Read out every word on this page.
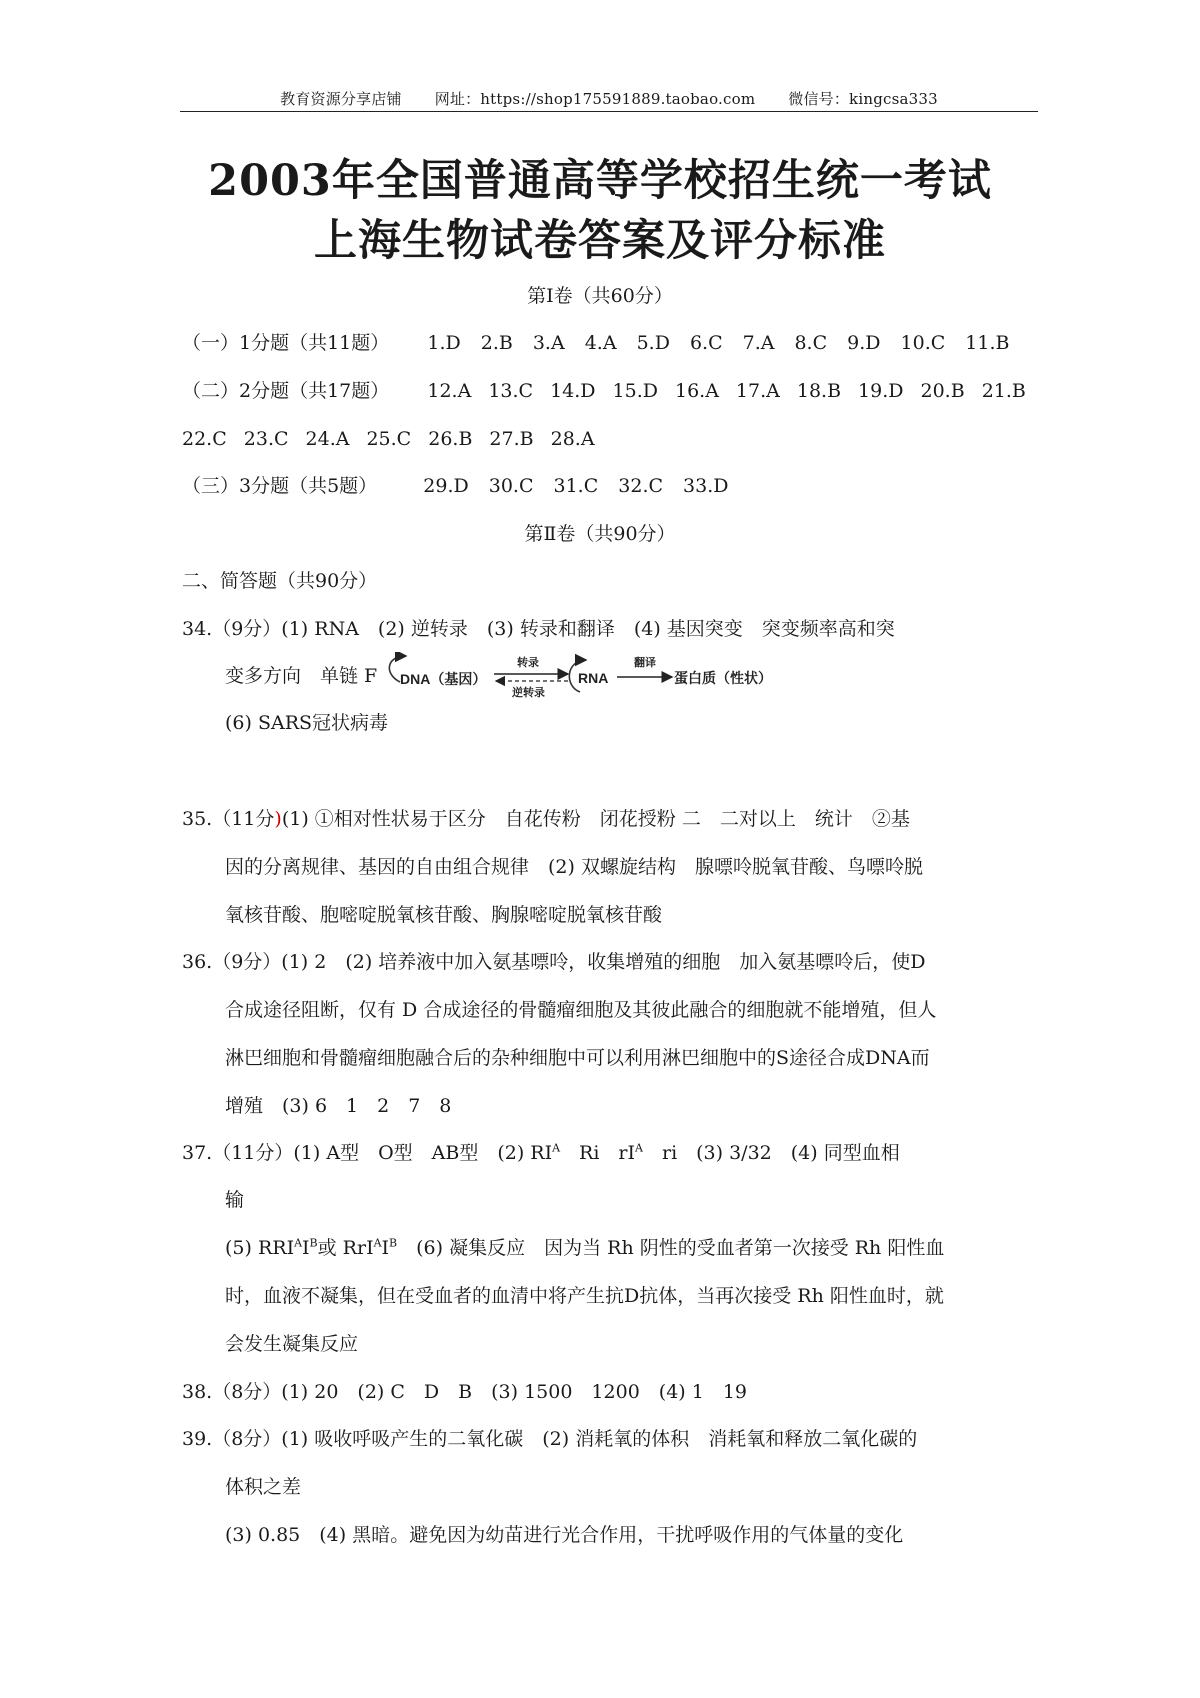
教育资源分享店铺 网址：https://shop175591889.taobao.com 微信号：kingcsa333
2003年全国普通高等学校招生统一考试
上海生物试卷答案及评分标准
第Ⅰ卷（共60分）
（一）1分题（共11题） 1.D 2.B 3.A 4.A 5.D 6.C 7.A 8.C 9.D 10.C 11.B
（二）2分题（共17题） 12.A 13.C 14.D 15.D 16.A 17.A 18.B 19.D 20.B 21.B
22.C 23.C 24.A 25.C 26.B 27.B 28.A
（三）3分题（共5题） 29.D 30.C 31.C 32.C 33.D
第Ⅱ卷（共90分）
二、简答题（共90分）
34.（9分）(1) RNA　(2) 逆转录　(3) 转录和翻译　(4) 基因突变　突变频率高和突
变多方向　单链 F
(6) SARS冠状病毒
DNA（基因）
转录
逆转录
RNA
翻译
蛋白质（性状）
35.（11分)(1) ①相对性状易于区分　自花传粉　闭花授粉 二　二对以上　统计　②基
因的分离规律、基因的自由组合规律　(2) 双螺旋结构　腺嘌呤脱氧苷酸、鸟嘌呤脱
氧核苷酸、胞嘧啶脱氧核苷酸、胸腺嘧啶脱氧核苷酸
36.（9分）(1) 2　(2) 培养液中加入氨基嘌呤，收集增殖的细胞　加入氨基嘌呤后，使D
合成途径阻断，仅有 D 合成途径的骨髓瘤细胞及其彼此融合的细胞就不能增殖，但人
淋巴细胞和骨髓瘤细胞融合后的杂种细胞中可以利用淋巴细胞中的S途径合成DNA而
增殖　(3) 6　1　2　7　8
37.（11分）(1) A型　O型　AB型　(2) $RI^A$　Ri　$rI^A$　ri　(3) 3/32　(4) 同型血相
输
(5) $RRI^AI^B$或 $RrI^AI^B$　(6) 凝集反应　因为当 Rh 阴性的受血者第一次接受 Rh 阳性血
时，血液不凝集，但在受血者的血清中将产生抗D抗体，当再次接受 Rh 阳性血时，就
会发生凝集反应
38.（8分）(1) 20　(2) C　D　B　(3) 1500　1200　(4) 1　19
39.（8分）(1) 吸收呼吸产生的二氧化碳　(2) 消耗氧的体积　消耗氧和释放二氧化碳的
体积之差
(3) 0.85　(4) 黑暗。避免因为幼苗进行光合作用，干扰呼吸作用的气体量的变化
